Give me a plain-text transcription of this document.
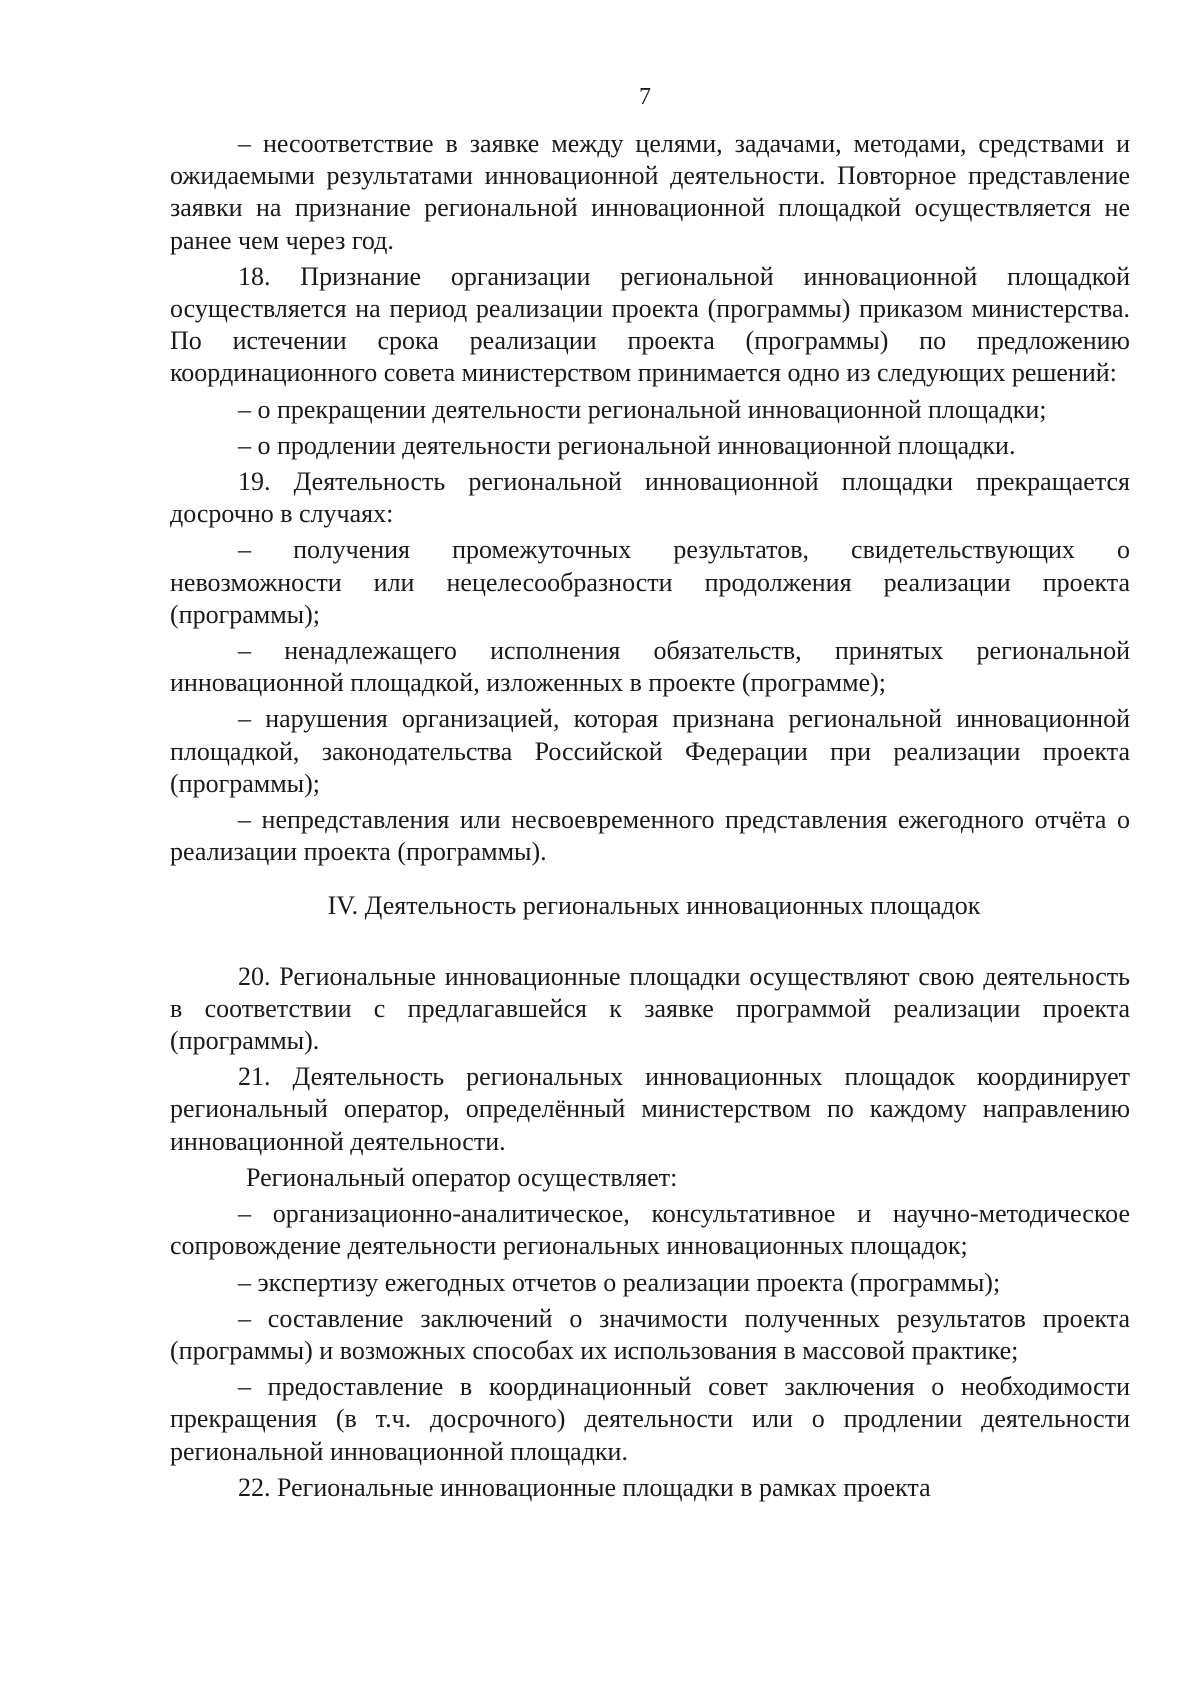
7

– несоответствие в заявке между целями, задачами, методами, средствами и ожидаемыми результатами инновационной деятельности. Повторное представление заявки на признание региональной инновационной площадкой осуществляется не ранее чем через год.

18. Признание организации региональной инновационной площадкой осуществляется на период реализации проекта (программы) приказом министерства. По истечении срока реализации проекта (программы) по предложению координационного совета министерством принимается одно из следующих решений:

– о прекращении деятельности региональной инновационной площадки;

– о продлении деятельности региональной инновационной площадки.

19. Деятельность региональной инновационной площадки прекращается досрочно в случаях:

– получения промежуточных результатов, свидетельствующих о невозможности или нецелесообразности продолжения реализации проекта (программы);

– ненадлежащего исполнения обязательств, принятых региональной инновационной площадкой, изложенных в проекте (программе);

– нарушения организацией, которая признана региональной инновационной площадкой, законодательства Российской Федерации при реализации проекта (программы);

– непредставления или несвоевременного представления ежегодного отчёта о реализации проекта (программы).

IV. Деятельность региональных инновационных площадок

20. Региональные инновационные площадки осуществляют свою деятельность в соответствии с предлагавшейся к заявке программой реализации проекта (программы).

21. Деятельность региональных инновационных площадок координирует региональный оператор, определённый министерством по каждому направлению инновационной деятельности.

Региональный оператор осуществляет:

– организационно-аналитическое, консультативное и научно-методическое сопровождение деятельности региональных инновационных площадок;

– экспертизу ежегодных отчетов о реализации проекта (программы);

– составление заключений о значимости полученных результатов проекта (программы) и возможных способах их использования в массовой практике;

– предоставление в координационный совет заключения о необходимости прекращения (в т.ч. досрочного) деятельности или о продлении деятельности региональной инновационной площадки.

22. Региональные инновационные площадки в рамках проекта
